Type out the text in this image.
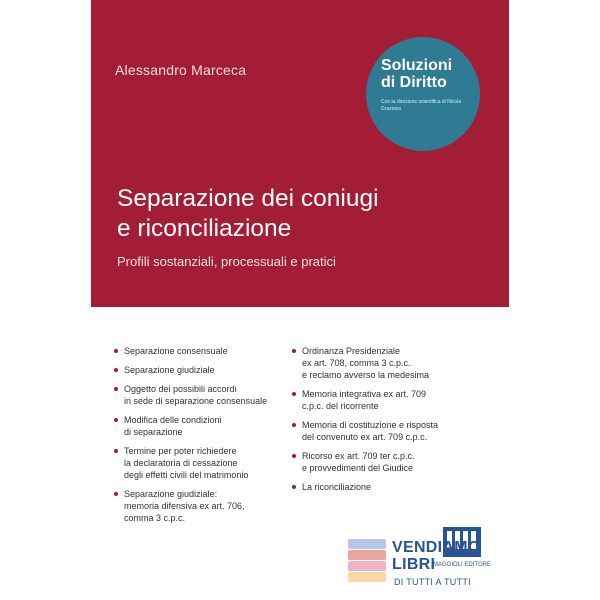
Alessandro Marceca	Soluzioni
di Diritto
Con la direzione scientifica di Nicola Graziano
Separazione dei coniugi
e riconciliazione
Profili sostanziali, processuali e pratici
Separazione consensuale
Separazione giudiziale
Oggetto dei possibili accordi
in sede di separazione consensuale
Modifica delle condizioni
di separazione
Termine per poter richiedere
la declaratoria di cessazione
degli effetti civili del matrimonio
Separazione giudiziale:
memoria difensiva ex art. 706,
comma 3 c.p.c.
Ordinanza Presidenziale
ex art. 708, comma 3 c.p.c.
e reclamo avverso la medesima
Memoria integrativa ex art. 709
c.p.c. del ricorrente
Memoria di costituzione e risposta
del convenuto ex art. 709 c.p.c.
Ricorso ex art. 709 ter c.p.c.
e provvedimenti del Giudice
La riconciliazione
MAGGIOLI EDITORE
VENDIAMO
LIBRI
DI TUTTI A TUTTI
